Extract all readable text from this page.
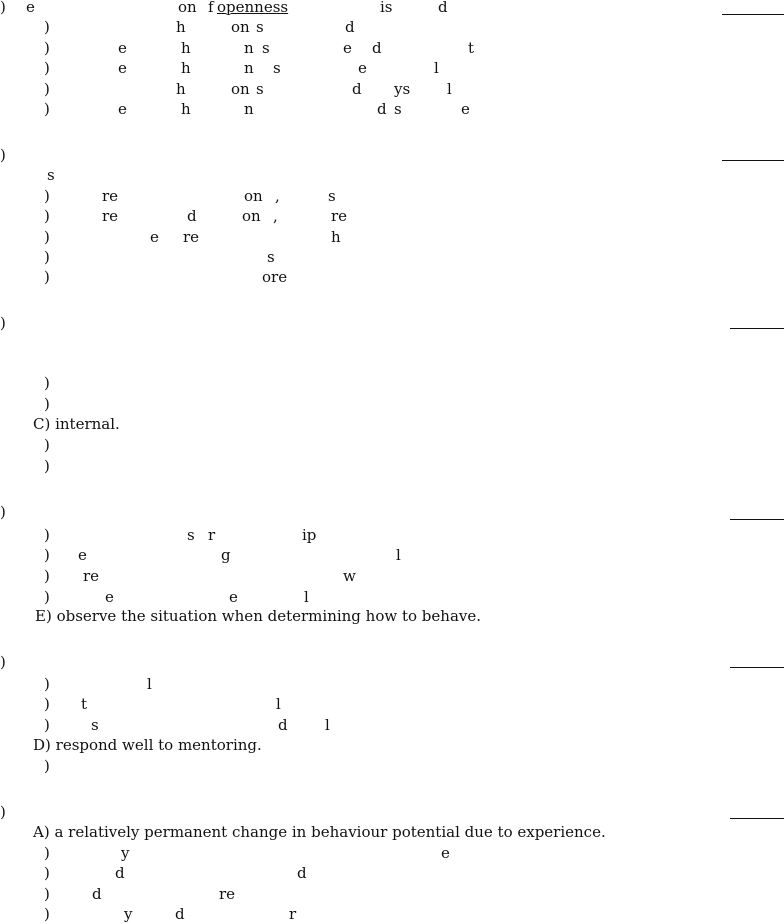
) e	on f openness	is	d
)	h	on s	d
)	e	h	n s	e d	t
)	e	h	n s	e	l
)	h	on s	d ys l
)	e	h	n	d s	e
)
s
)	re	on ,	s
)	re	d	on ,	re
)	e re	h
)	s
)	ore
)
)
)
C) internal.
)
)
)
)	s r	ip
) e	g	l
) re	w
)	e	e	l
E) observe the situation when determining how to behave.
)
)	l
) t	l
)	s	d l
D) respond well to mentoring.
)
)
A) a relatively permanent change in behaviour potential due to experience.
)	y	e
)	d	d
)	d	re
)	y	d	r
